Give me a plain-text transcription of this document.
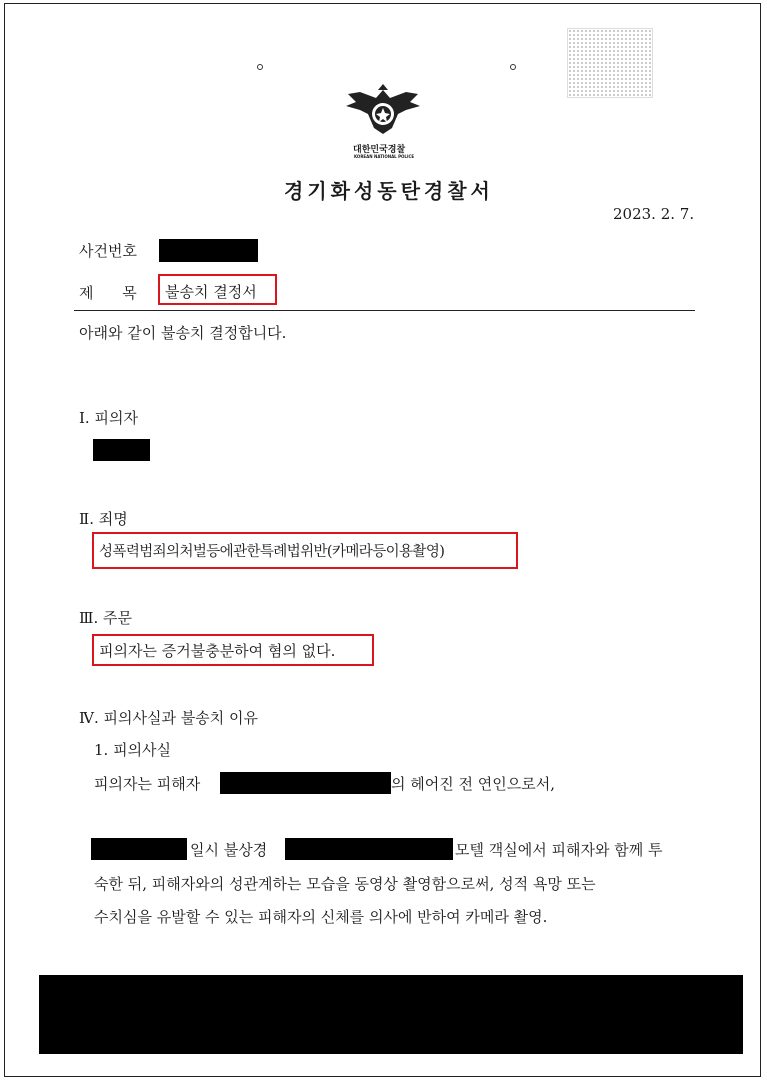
대한민국경찰
KOREAN NATIONAL POLICE
경기화성동탄경찰서
2023. 2. 7.
사건번호
제 목 불송치 결정서
아래와 같이 불송치 결정합니다.
Ⅰ. 피의자
Ⅱ. 죄명
성폭력범죄의처벌등에관한특례법위반(카메라등이용촬영)
Ⅲ. 주문
피의자는 증거불충분하여 혐의 없다.
Ⅳ. 피의사실과 불송치 이유
1. 피의사실
피의자는 피해자	의 헤어진 전 연인으로서,
일시 불상경	모텔 객실에서 피해자와 함께 투
숙한 뒤, 피해자와의 성관계하는 모습을 동영상 촬영함으로써, 성적 욕망 또는
수치심을 유발할 수 있는 피해자의 신체를 의사에 반하여 카메라 촬영.
